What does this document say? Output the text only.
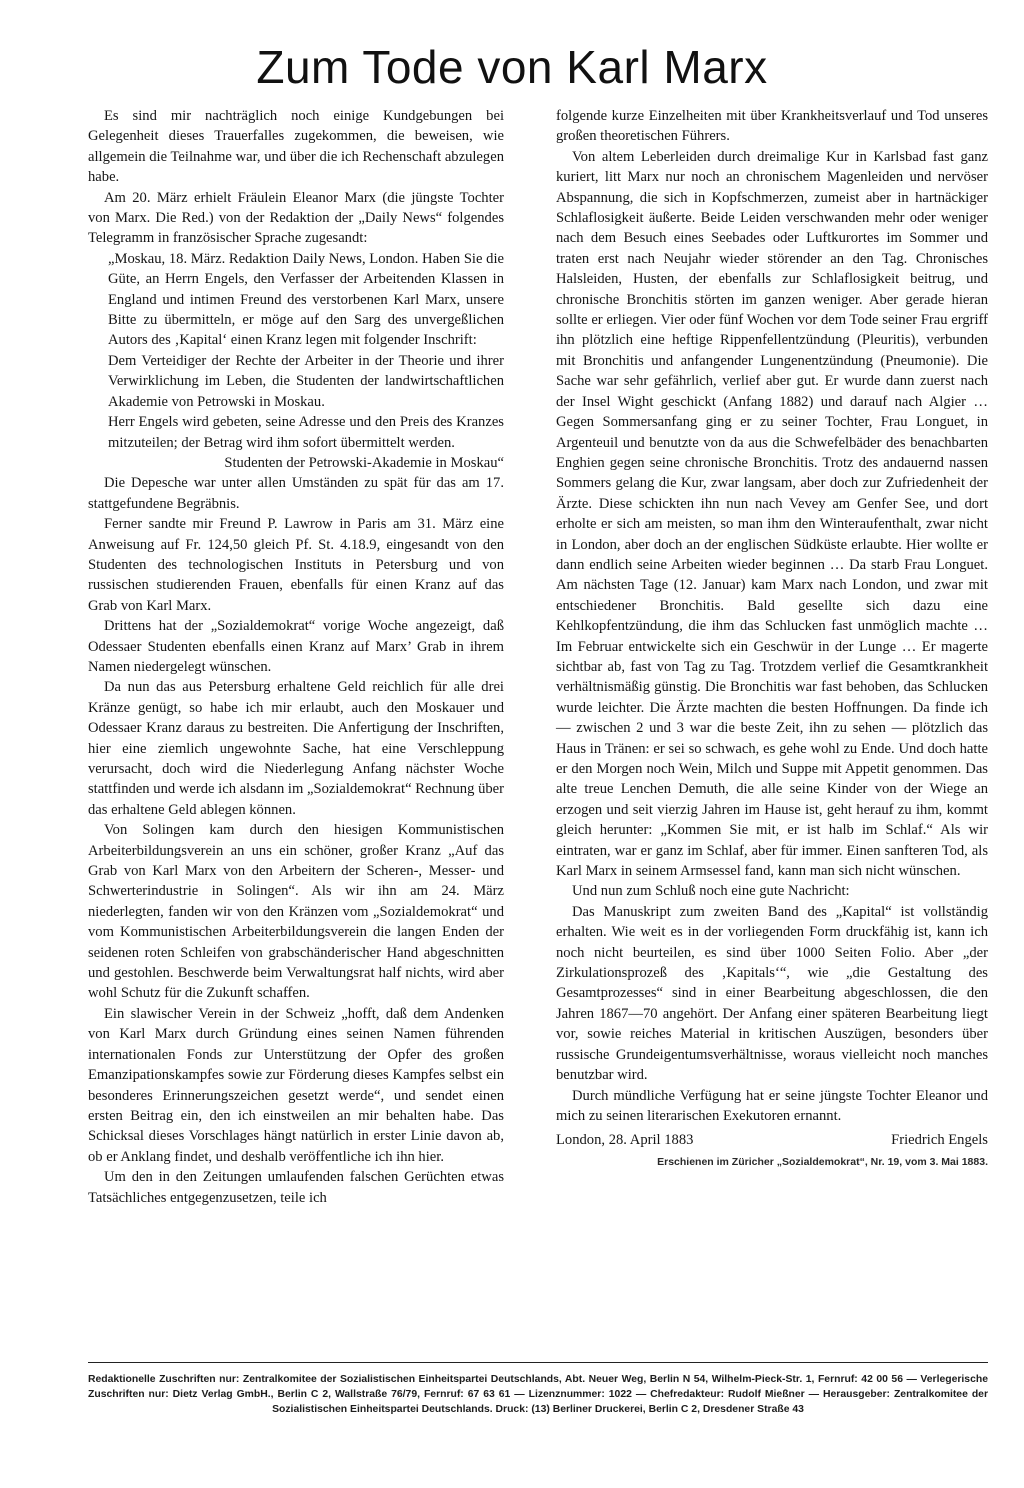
Zum Tode von Karl Marx

Es sind mir nachträglich noch einige Kundgebungen bei Gelegenheit dieses Trauerfalles zugekommen, die beweisen, wie allgemein die Teilnahme war, und über die ich Rechenschaft abzulegen habe.

Am 20. März erhielt Fräulein Eleanor Marx (die jüngste Tochter von Marx. Die Red.) von der Redaktion der „Daily News“ folgendes Telegramm in französischer Sprache zugesandt:

„Moskau, 18. März. Redaktion Daily News, London. Haben Sie die Güte, an Herrn Engels, den Verfasser der Arbeitenden Klassen in England und intimen Freund des verstorbenen Karl Marx, unsere Bitte zu übermitteln, er möge auf den Sarg des unvergeßlichen Autors des ‚Kapital‘ einen Kranz legen mit folgender Inschrift:

Dem Verteidiger der Rechte der Arbeiter in der Theorie und ihrer Verwirklichung im Leben, die Studenten der landwirtschaftlichen Akademie von Petrowski in Moskau.

Herr Engels wird gebeten, seine Adresse und den Preis des Kranzes mitzuteilen; der Betrag wird ihm sofort übermittelt werden.

Studenten der Petrowski-Akademie in Moskau“

Die Depesche war unter allen Umständen zu spät für das am 17. stattgefundene Begräbnis.

Ferner sandte mir Freund P. Lawrow in Paris am 31. März eine Anweisung auf Fr. 124,50 gleich Pf. St. 4.18.9, eingesandt von den Studenten des technologischen Instituts in Petersburg und von russischen studierenden Frauen, ebenfalls für einen Kranz auf das Grab von Karl Marx.

Drittens hat der „Sozialdemokrat“ vorige Woche angezeigt, daß Odessaer Studenten ebenfalls einen Kranz auf Marx’ Grab in ihrem Namen niedergelegt wünschen.

Da nun das aus Petersburg erhaltene Geld reichlich für alle drei Kränze genügt, so habe ich mir erlaubt, auch den Moskauer und Odessaer Kranz daraus zu bestreiten. Die Anfertigung der Inschriften, hier eine ziemlich ungewohnte Sache, hat eine Verschleppung verursacht, doch wird die Niederlegung Anfang nächster Woche stattfinden und werde ich alsdann im „Sozialdemokrat“ Rechnung über das erhaltene Geld ablegen können.

Von Solingen kam durch den hiesigen Kommunistischen Arbeiterbildungsverein an uns ein schöner, großer Kranz „Auf das Grab von Karl Marx von den Arbeitern der Scheren-, Messer- und Schwerterindustrie in Solingen“. Als wir ihn am 24. März niederlegten, fanden wir von den Kränzen vom „Sozialdemokrat“ und vom Kommunistischen Arbeiterbildungsverein die langen Enden der seidenen roten Schleifen von grabschänderischer Hand abgeschnitten und gestohlen. Beschwerde beim Verwaltungsrat half nichts, wird aber wohl Schutz für die Zukunft schaffen.

Ein slawischer Verein in der Schweiz „hofft, daß dem Andenken von Karl Marx durch Gründung eines seinen Namen führenden internationalen Fonds zur Unterstützung der Opfer des großen Emanzipationskampfes sowie zur Förderung dieses Kampfes selbst ein besonderes Erinnerungszeichen gesetzt werde“, und sendet einen ersten Beitrag ein, den ich einstweilen an mir behalten habe. Das Schicksal dieses Vorschlages hängt natürlich in erster Linie davon ab, ob er Anklang findet, und deshalb veröffentliche ich ihn hier.

Um den in den Zeitungen umlaufenden falschen Gerüchten etwas Tatsächliches entgegenzusetzen, teile ich

folgende kurze Einzelheiten mit über Krankheitsverlauf und Tod unseres großen theoretischen Führers.

Von altem Leberleiden durch dreimalige Kur in Karlsbad fast ganz kuriert, litt Marx nur noch an chronischem Magenleiden und nervöser Abspannung, die sich in Kopfschmerzen, zumeist aber in hartnäckiger Schlaflosigkeit äußerte. Beide Leiden verschwanden mehr oder weniger nach dem Besuch eines Seebades oder Luftkurortes im Sommer und traten erst nach Neujahr wieder störender an den Tag. Chronisches Halsleiden, Husten, der ebenfalls zur Schlaflosigkeit beitrug, und chronische Bronchitis störten im ganzen weniger. Aber gerade hieran sollte er erliegen. Vier oder fünf Wochen vor dem Tode seiner Frau ergriff ihn plötzlich eine heftige Rippenfellentzündung (Pleuritis), verbunden mit Bronchitis und anfangender Lungenentzündung (Pneumonie). Die Sache war sehr gefährlich, verlief aber gut. Er wurde dann zuerst nach der Insel Wight geschickt (Anfang 1882) und darauf nach Algier … Gegen Sommersanfang ging er zu seiner Tochter, Frau Longuet, in Argenteuil und benutzte von da aus die Schwefelbäder des benachbarten Enghien gegen seine chronische Bronchitis. Trotz des andauernd nassen Sommers gelang die Kur, zwar langsam, aber doch zur Zufriedenheit der Ärzte. Diese schickten ihn nun nach Vevey am Genfer See, und dort erholte er sich am meisten, so man ihm den Winteraufenthalt, zwar nicht in London, aber doch an der englischen Südküste erlaubte. Hier wollte er dann endlich seine Arbeiten wieder beginnen … Da starb Frau Longuet. Am nächsten Tage (12. Januar) kam Marx nach London, und zwar mit entschiedener Bronchitis. Bald gesellte sich dazu eine Kehlkopfentzündung, die ihm das Schlucken fast unmöglich machte … Im Februar entwickelte sich ein Geschwür in der Lunge … Er magerte sichtbar ab, fast von Tag zu Tag. Trotzdem verlief die Gesamtkrankheit verhältnismäßig günstig. Die Bronchitis war fast behoben, das Schlucken wurde leichter. Die Ärzte machten die besten Hoffnungen. Da finde ich — zwischen 2 und 3 war die beste Zeit, ihn zu sehen — plötzlich das Haus in Tränen: er sei so schwach, es gehe wohl zu Ende. Und doch hatte er den Morgen noch Wein, Milch und Suppe mit Appetit genommen. Das alte treue Lenchen Demuth, die alle seine Kinder von der Wiege an erzogen und seit vierzig Jahren im Hause ist, geht herauf zu ihm, kommt gleich herunter: „Kommen Sie mit, er ist halb im Schlaf.“ Als wir eintraten, war er ganz im Schlaf, aber für immer. Einen sanfteren Tod, als Karl Marx in seinem Armsessel fand, kann man sich nicht wünschen.

Und nun zum Schluß noch eine gute Nachricht:

Das Manuskript zum zweiten Band des „Kapital“ ist vollständig erhalten. Wie weit es in der vorliegenden Form druckfähig ist, kann ich noch nicht beurteilen, es sind über 1000 Seiten Folio. Aber „der Zirkulationsprozeß des ‚Kapitals‘“, wie „die Gestaltung des Gesamtprozesses“ sind in einer Bearbeitung abgeschlossen, die den Jahren 1867—70 angehört. Der Anfang einer späteren Bearbeitung liegt vor, sowie reiches Material in kritischen Auszügen, besonders über russische Grundeigentumsverhältnisse, woraus vielleicht noch manches benutzbar wird.

Durch mündliche Verfügung hat er seine jüngste Tochter Eleanor und mich zu seinen literarischen Exekutoren ernannt.

London, 28. April 1883	Friedrich Engels
Erschienen im Züricher „Sozialdemokrat“, Nr. 19, vom 3. Mai 1883.
Redaktionelle Zuschriften nur: Zentralkomitee der Sozialistischen Einheitspartei Deutschlands, Abt. Neuer Weg, Berlin N 54, Wilhelm-Pieck-Str. 1, Fernruf: 42 00 56 — Verlegerische Zuschriften nur: Dietz Verlag GmbH., Berlin C 2, Wallstraße 76/79, Fernruf: 67 63 61 — Lizenznummer: 1022 — Chefredakteur: Rudolf Mießner — Herausgeber: Zentralkomitee der Sozialistischen Einheitspartei Deutschlands. Druck: (13) Berliner Druckerei, Berlin C 2, Dresdener Straße 43
